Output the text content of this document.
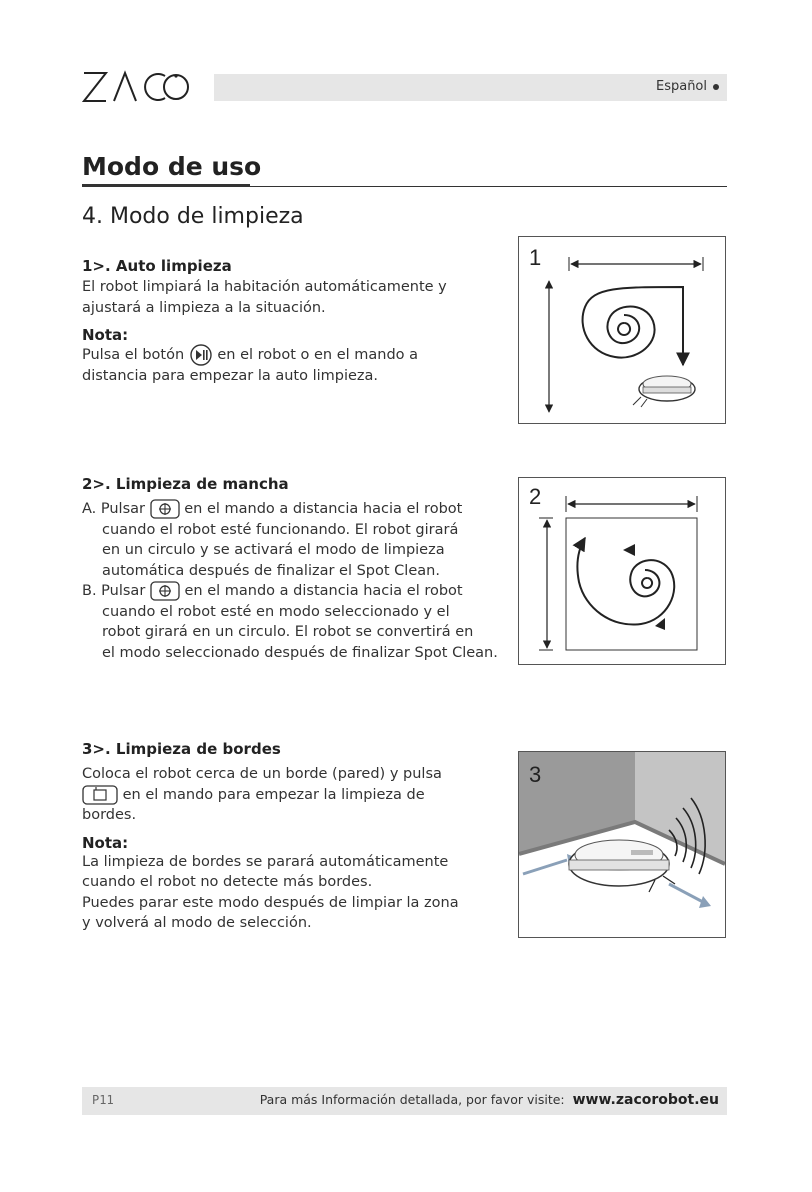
Español
Modo de uso
4. Modo de limpieza
1>. Auto limpieza
El robot limpiará la habitación automáticamente y
ajustará a limpieza a la situación.
Nota:
Pulsa el botón en el robot o en el mando a
distancia para empezar la auto limpieza.
1
2>. Limpieza de mancha
A. Pulsar	en el mando a distancia hacia el robot
cuando el robot esté funcionando. El robot girará
en un circulo y se activará el modo de limpieza
automática después de finalizar el Spot Clean.
B. Pulsar	en el mando a distancia hacia el robot
cuando el robot esté en modo seleccionado y el
robot girará en un circulo. El robot se convertirá en
el modo seleccionado después de finalizar Spot Clean.
2
3>. Limpieza de bordes
Coloca el robot cerca de un borde (pared) y pulsa
en el mando para empezar la limpieza de
bordes.
Nota:
La limpieza de bordes se parará automáticamente
cuando el robot no detecte más bordes.
Puedes parar este modo después de limpiar la zona
y volverá al modo de selección.
3
P11	Para más Información detallada, por favor visite: www.zacorobot.eu
